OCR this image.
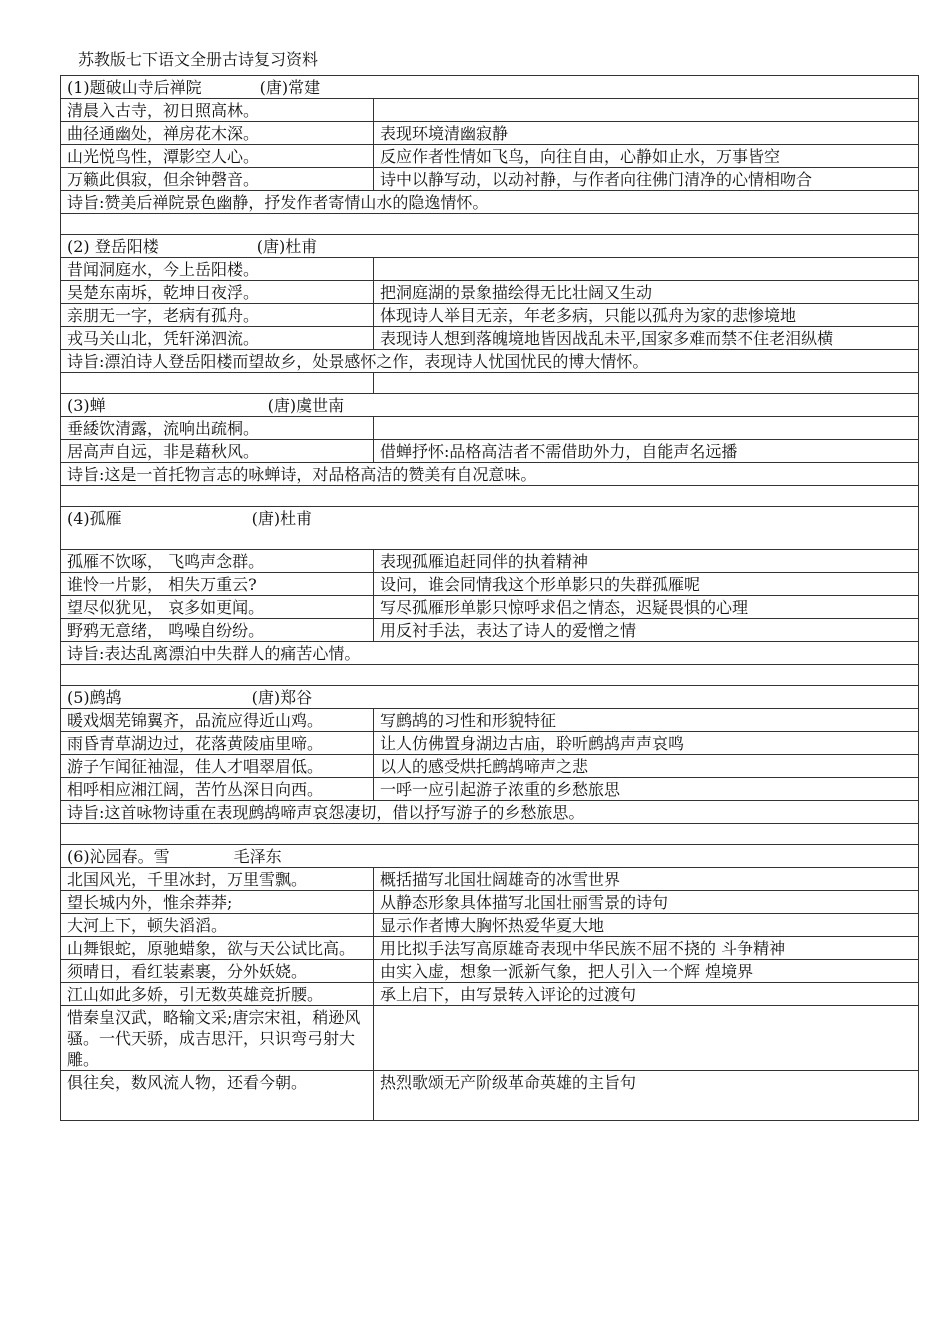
苏教版七下语文全册古诗复习资料
(1)题破山寺后禅院 (唐)常建	
清晨入古寺，初日照高林。	
曲径通幽处，禅房花木深。	表现环境清幽寂静
山光悦鸟性，潭影空人心。	反应作者性情如飞鸟，向往自由，心静如止水，万事皆空
万籁此俱寂，但余钟磬音。	诗中以静写动，以动衬静，与作者向往佛门清净的心情相吻合
诗旨:赞美后禅院景色幽静，抒发作者寄情山水的隐逸情怀。	

(2) 登岳阳楼 (唐)杜甫	
昔闻洞庭水，今上岳阳楼。	
吴楚东南坼，乾坤日夜浮。	把洞庭湖的景象描绘得无比壮阔又生动
亲朋无一字，老病有孤舟。	体现诗人举目无亲，年老多病，只能以孤舟为家的悲惨境地
戎马关山北，凭轩涕泗流。	表现诗人想到落魄境地皆因战乱未平,国家多难而禁不住老泪纵横
诗旨:漂泊诗人登岳阳楼而望故乡，处景感怀之作，表现诗人忧国忧民的博大情怀。	

(3)蝉 (唐)虞世南	
垂緌饮清露，流响出疏桐。	
居高声自远，非是藉秋风。	借蝉抒怀:品格高洁者不需借助外力，自能声名远播
诗旨:这是一首托物言志的咏蝉诗，对品格高洁的赞美有自况意味。	

(4)孤雁 (唐)杜甫	
孤雁不饮啄， 飞鸣声念群。	表现孤雁追赶同伴的执着精神
谁怜一片影， 相失万重云?	设问，谁会同情我这个形单影只的失群孤雁呢
望尽似犹见， 哀多如更闻。	写尽孤雁形单影只惊呼求侣之情态，迟疑畏惧的心理
野鸦无意绪， 鸣噪自纷纷。	用反衬手法，表达了诗人的爱憎之情
诗旨:表达乱离漂泊中失群人的痛苦心情。	

(5)鹧鸪 (唐)郑谷	
暖戏烟芜锦翼齐，品流应得近山鸡。	写鹧鸪的习性和形貌特征
雨昏青草湖边过，花落黄陵庙里啼。	让人仿佛置身湖边古庙，聆听鹧鸪声声哀鸣
游子乍闻征袖湿，佳人才唱翠眉低。	以人的感受烘托鹧鸪啼声之悲
相呼相应湘江阔，苦竹丛深日向西。	一呼一应引起游子浓重的乡愁旅思
诗旨:这首咏物诗重在表现鹧鸪啼声哀怨凄切，借以抒写游子的乡愁旅思。	

(6)沁园春。雪 毛泽东	
北国风光，千里冰封，万里雪飘。	概括描写北国壮阔雄奇的冰雪世界
望长城内外，惟余莽莽;	从静态形象具体描写北国壮丽雪景的诗句
大河上下，顿失滔滔。	显示作者博大胸怀热爱华夏大地
山舞银蛇，原驰蜡象，欲与天公试比高。	用比拟手法写高原雄奇表现中华民族不屈不挠的 斗争精神
须晴日，看红装素裹，分外妖娆。	由实入虚，想象一派新气象，把人引入一个辉 煌境界
江山如此多娇，引无数英雄竞折腰。	承上启下，由写景转入评论的过渡句
惜秦皇汉武，略输文采;唐宗宋祖，稍逊风骚。一代天骄，成吉思汗，只识弯弓射大雕。	
俱往矣，数风流人物，还看今朝。	热烈歌颂无产阶级革命英雄的主旨句
